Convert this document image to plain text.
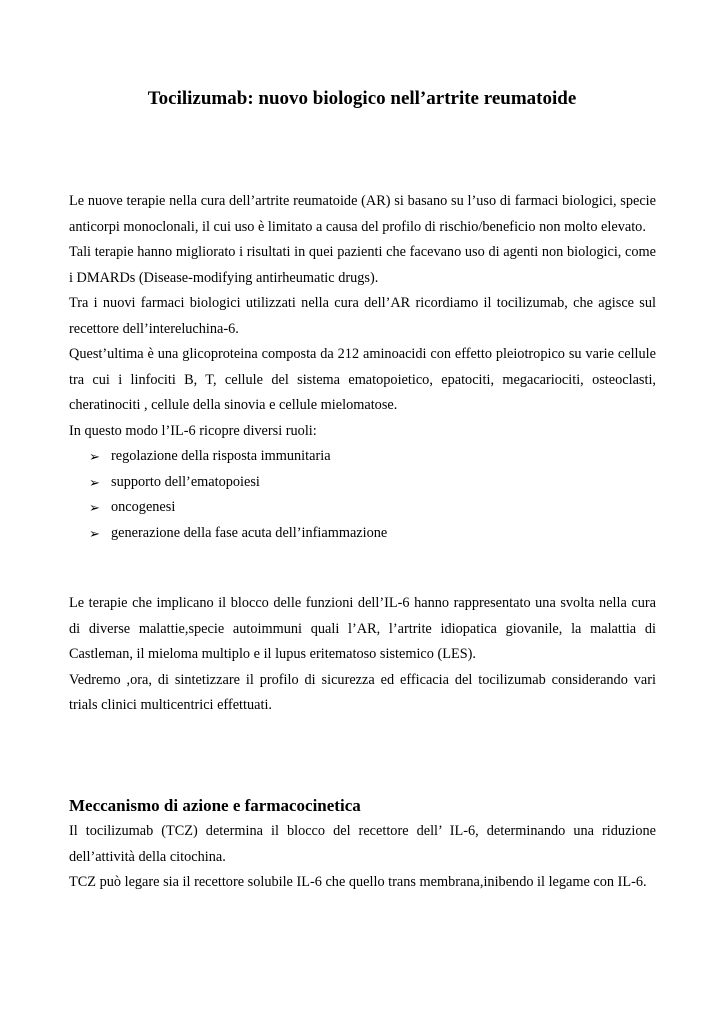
Tocilizumab: nuovo biologico nell’artrite reumatoide

Le nuove terapie nella cura dell’artrite reumatoide (AR) si basano su l’uso di farmaci biologici, specie anticorpi monoclonali, il cui uso è limitato a causa del profilo di rischio/beneficio non molto elevato.

Tali terapie hanno migliorato i risultati in quei pazienti che facevano uso di agenti non biologici, come i DMARDs (Disease-modifying antirheumatic drugs).

Tra i nuovi farmaci biologici utilizzati nella cura dell’AR ricordiamo il tocilizumab, che agisce sul recettore dell’intereluchina-6.

Quest’ultima è una glicoproteina composta da 212 aminoacidi con effetto pleiotropico su varie cellule tra cui i linfociti B, T, cellule del sistema ematopoietico, epatociti, megacariociti, osteoclasti, cheratinociti , cellule della sinovia e cellule mielomatose.

In questo modo l’IL-6 ricopre diversi ruoli:

➢ regolazione della risposta immunitaria
➢ supporto dell’ematopoiesi
➢ oncogenesi
➢ generazione della fase acuta dell’infiammazione

Le terapie che implicano il blocco delle funzioni dell’IL-6 hanno rappresentato una svolta nella cura di diverse malattie,specie autoimmuni quali l’AR, l’artrite idiopatica giovanile, la malattia di Castleman, il mieloma multiplo e il lupus eritematoso sistemico (LES).

Vedremo ,ora, di sintetizzare il profilo di sicurezza ed efficacia del tocilizumab considerando vari trials clinici multicentrici effettuati.

Meccanismo di azione e farmacocinetica

Il tocilizumab (TCZ) determina il blocco del recettore dell’ IL-6, determinando una riduzione dell’attività della citochina.

TCZ può legare sia il recettore solubile IL-6 che quello trans membrana,inibendo il legame con IL-6.
